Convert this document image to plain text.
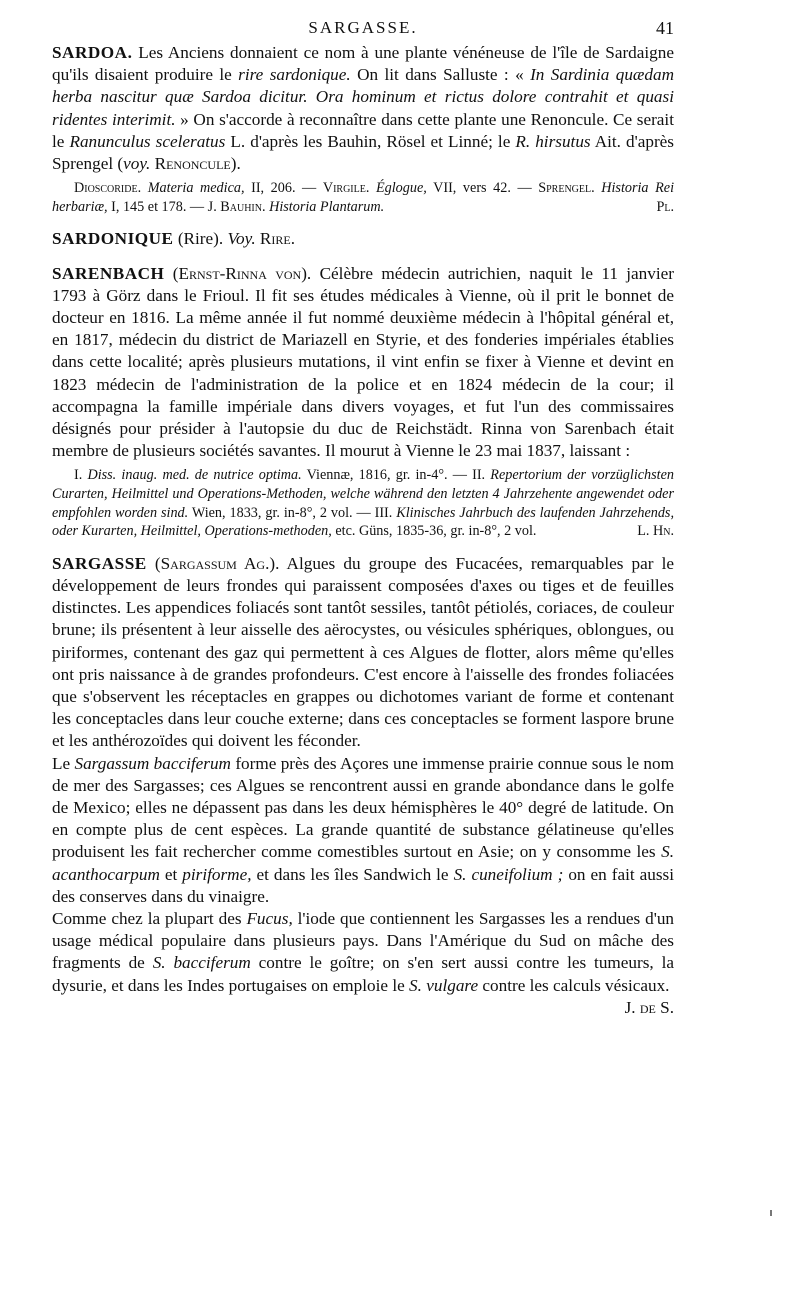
SARGASSE.	41

SARDOA. Les Anciens donnaient ce nom à une plante vénéneuse de l'île de Sardaigne qu'ils disaient produire le rire sardonique. On lit dans Salluste : « In Sardinia quædam herba nascitur quæ Sardoa dicitur. Ora hominum et rictus dolore contrahit et quasi ridentes interimit. » On s'accorde à reconnaître dans cette plante une Renoncule. Ce serait le Ranunculus sceleratus L. d'après les Bauhin, Rösel et Linné; le R. hirsutus Ait. d'après Sprengel (voy. Renoncule).

Dioscoride. Materia medica, II, 206. — Virgile. Églogue, VII, vers 42. — Sprengel. Historia Rei herbariæ, I, 145 et 178. — J. Bauhin. Historia Plantarum.	Pl.

SARDONIQUE (Rire). Voy. Rire.

SARENBACH (Ernst-Rinna von). Célèbre médecin autrichien, naquit le 11 janvier 1793 à Görz dans le Frioul. Il fit ses études médicales à Vienne, où il prit le bonnet de docteur en 1816. La même année il fut nommé deuxième médecin à l'hôpital général et, en 1817, médecin du district de Mariazell en Styrie, et des fonderies impériales établies dans cette localité; après plusieurs mutations, il vint enfin se fixer à Vienne et devint en 1823 médecin de l'administration de la police et en 1824 médecin de la cour; il accompagna la famille impériale dans divers voyages, et fut l'un des commissaires désignés pour présider à l'autopsie du duc de Reichstädt. Rinna von Sarenbach était membre de plusieurs sociétés savantes. Il mourut à Vienne le 23 mai 1837, laissant :

I. Diss. inaug. med. de nutrice optima. Viennæ, 1816, gr. in-4°. — II. Repertorium der vorzüglichsten Curarten, Heilmittel und Operations-Methoden, welche während den letzten 4 Jahrzehente angewendet oder empfohlen worden sind. Wien, 1833, gr. in-8°, 2 vol. — III. Klinisches Jahrbuch des laufenden Jahrzehends, oder Kurarten, Heilmittel, Operations-methoden, etc. Güns, 1835-36, gr. in-8°, 2 vol.	L. Hn.

SARGASSE (Sargassum Ag.). Algues du groupe des Fucacées, remarquables par le développement de leurs frondes qui paraissent composées d'axes ou tiges et de feuilles distinctes. Les appendices foliacés sont tantôt sessiles, tantôt pétiolés, coriaces, de couleur brune; ils présentent à leur aisselle des aërocystes, ou vésicules sphériques, oblongues, ou piriformes, contenant des gaz qui permettent à ces Algues de flotter, alors même qu'elles ont pris naissance à de grandes profondeurs. C'est encore à l'aisselle des frondes foliacées que s'observent les réceptacles en grappes ou dichotomes variant de forme et contenant les conceptacles dans leur couche externe; dans ces conceptacles se forment laspore brune et les anthérozoïdes qui doivent les féconder.

Le Sargassum bacciferum forme près des Açores une immense prairie connue sous le nom de mer des Sargasses; ces Algues se rencontrent aussi en grande abondance dans le golfe de Mexico; elles ne dépassent pas dans les deux hémisphères le 40° degré de latitude. On en compte plus de cent espèces. La grande quantité de substance gélatineuse qu'elles produisent les fait rechercher comme comestibles surtout en Asie; on y consomme les S. acanthocarpum et piriforme, et dans les îles Sandwich le S. cuneifolium ; on en fait aussi des conserves dans du vinaigre.

Comme chez la plupart des Fucus, l'iode que contiennent les Sargasses les a rendues d'un usage médical populaire dans plusieurs pays. Dans l'Amérique du Sud on mâche des fragments de S. bacciferum contre le goître; on s'en sert aussi contre les tumeurs, la dysurie, et dans les Indes portugaises on emploie le S. vulgare contre les calculs vésicaux.
J. de S.
